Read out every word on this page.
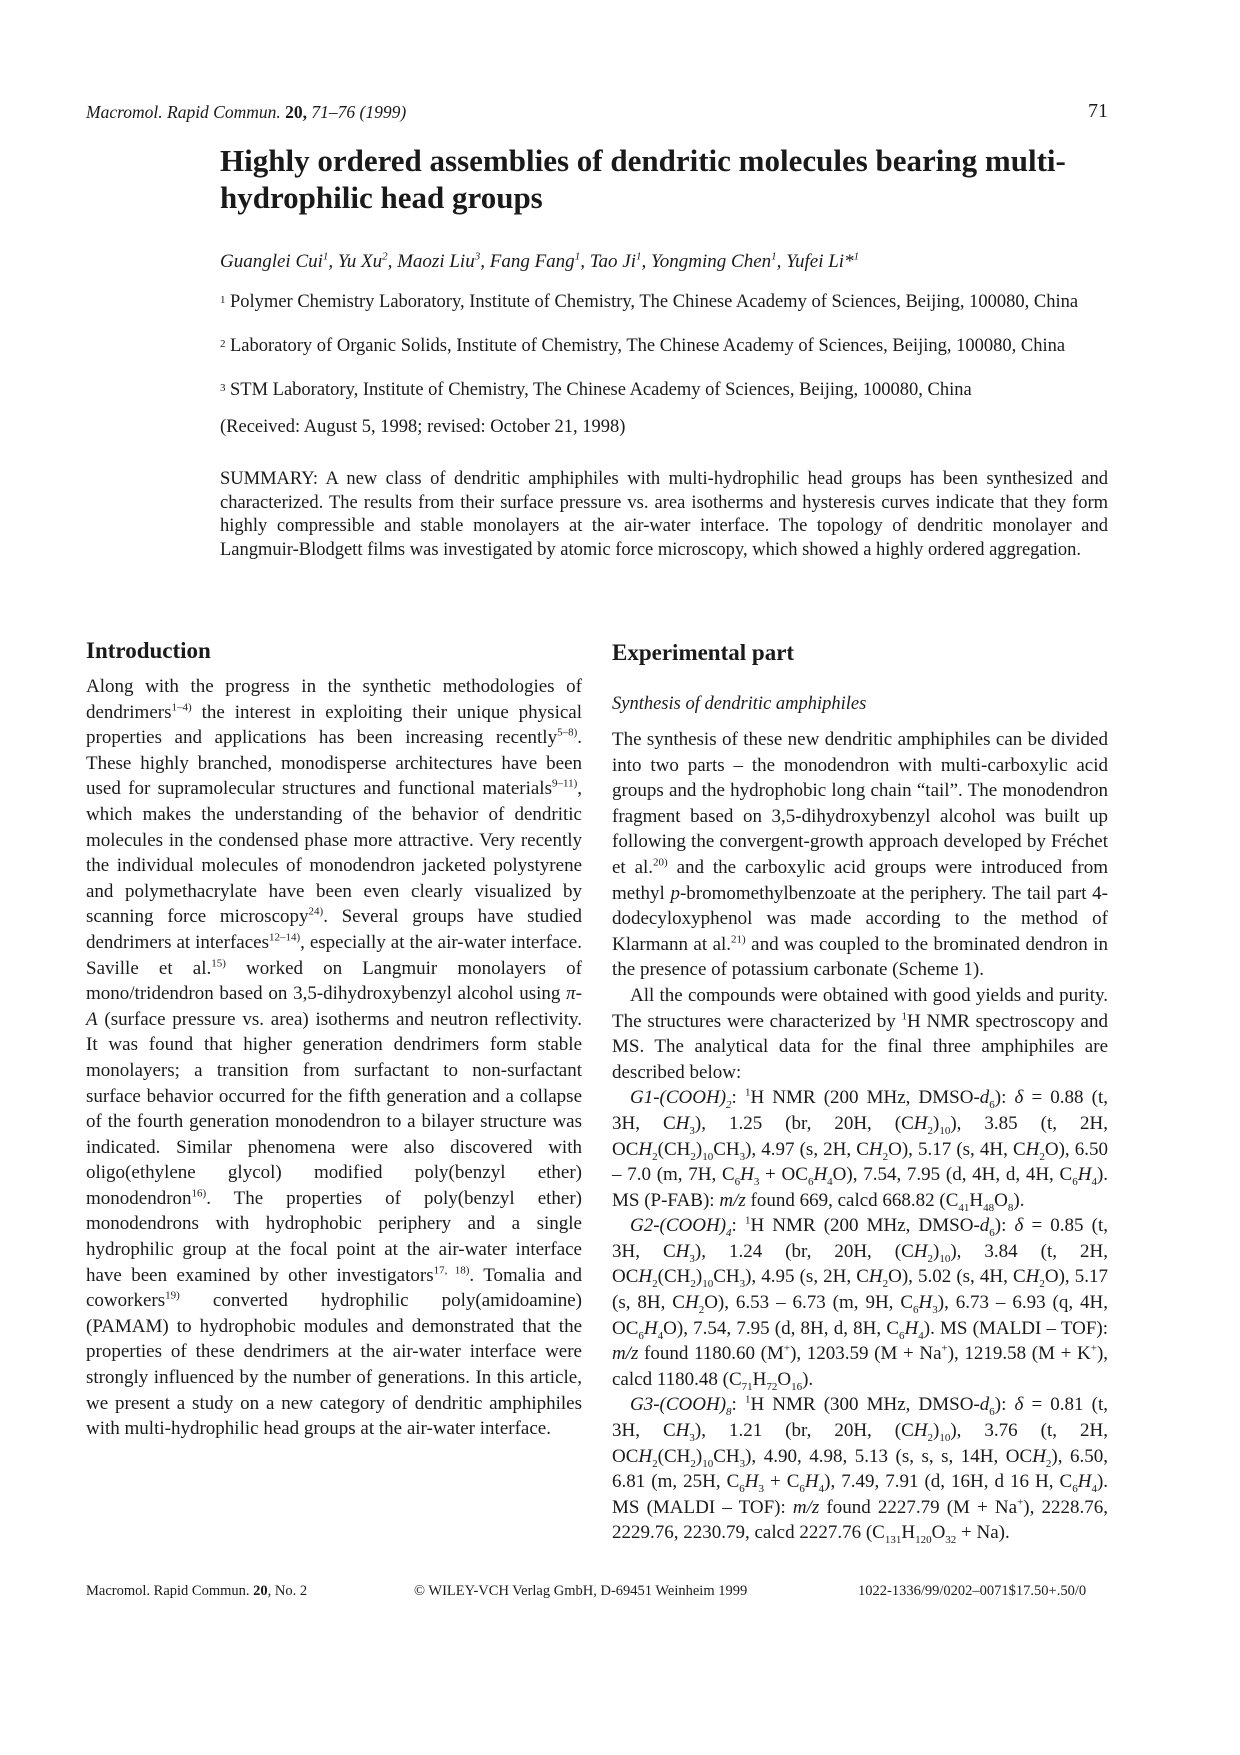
Macromol. Rapid Commun. 20, 71–76 (1999)	71
Highly ordered assemblies of dendritic molecules bearing multi-hydrophilic head groups
Guanglei Cui$^1$, Yu Xu$^2$, Maozi Liu$^3$, Fang Fang$^1$, Tao Ji$^1$, Yongming Chen$^1$, Yufei Li*$^1$
1 Polymer Chemistry Laboratory, Institute of Chemistry, The Chinese Academy of Sciences, Beijing, 100080, China
2 Laboratory of Organic Solids, Institute of Chemistry, The Chinese Academy of Sciences, Beijing, 100080, China
3 STM Laboratory, Institute of Chemistry, The Chinese Academy of Sciences, Beijing, 100080, China
(Received: August 5, 1998; revised: October 21, 1998)
SUMMARY: A new class of dendritic amphiphiles with multi-hydrophilic head groups has been synthesized and characterized. The results from their surface pressure vs. area isotherms and hysteresis curves indicate that they form highly compressible and stable monolayers at the air-water interface. The topology of dendritic monolayer and Langmuir-Blodgett films was investigated by atomic force microscopy, which showed a highly ordered aggregation.
Introduction

Along with the progress in the synthetic methodologies of dendrimers$^{1-4)}$ the interest in exploiting their unique physical properties and applications has been increasing recently$^{5-8)}$. These highly branched, monodisperse architectures have been used for supramolecular structures and functional materials$^{9-11)}$, which makes the understanding of the behavior of dendritic molecules in the condensed phase more attractive. Very recently the individual molecules of monodendron jacketed polystyrene and polymethacrylate have been even clearly visualized by scanning force microscopy$^{24)}$. Several groups have studied dendrimers at interfaces$^{12-14)}$, especially at the air-water interface. Saville et al.$^{15)}$ worked on Langmuir monolayers of mono/tridendron based on 3,5-dihydroxybenzyl alcohol using π-A (surface pressure vs. area) isotherms and neutron reflectivity. It was found that higher generation dendrimers form stable monolayers; a transition from surfactant to non-surfactant surface behavior occurred for the fifth generation and a collapse of the fourth generation monodendron to a bilayer structure was indicated. Similar phenomena were also discovered with oligo(ethylene glycol) modified poly(benzyl ether) monodendron$^{16)}$. The properties of poly(benzyl ether) monodendrons with hydrophobic periphery and a single hydrophilic group at the focal point at the air-water interface have been examined by other investigators$^{17, 18)}$. Tomalia and coworkers$^{19)}$ converted hydrophilic poly(amidoamine) (PAMAM) to hydrophobic modules and demonstrated that the properties of these dendrimers at the air-water interface were strongly influenced by the number of generations. In this article, we present a study on a new category of dendritic amphiphiles with multi-hydrophilic head groups at the air-water interface.

Experimental part
Synthesis of dendritic amphiphiles

The synthesis of these new dendritic amphiphiles can be divided into two parts – the monodendron with multi-carboxylic acid groups and the hydrophobic long chain “tail”. The monodendron fragment based on 3,5-dihydroxybenzyl alcohol was built up following the convergent-growth approach developed by Fréchet et al.$^{20)}$ and the carboxylic acid groups were introduced from methyl p-bromomethylbenzoate at the periphery. The tail part 4-dodecyloxyphenol was made according to the method of Klarmann at al.$^{21)}$ and was coupled to the brominated dendron in the presence of potassium carbonate (Scheme 1).

All the compounds were obtained with good yields and purity. The structures were characterized by $^1$H NMR spectroscopy and MS. The analytical data for the final three amphiphiles are described below:

$G1-(COOH)_2$: $^1$H NMR (200 MHz, DMSO-$d_6$): δ = 0.88 (t, 3H, $CH_3$), 1.25 (br, 20H, $(CH_2)_{10}$), 3.85 (t, 2H, $OCH_2(CH_2)_{10}CH_3$), 4.97 (s, 2H, $CH_2O$), 5.17 (s, 4H, $CH_2O$), 6.50 – 7.0 (m, 7H, $C_6H_3 + OC_6H_4O$), 7.54, 7.95 (d, 4H, d, 4H, $C_6H_4$). MS (P-FAB): m/z found 669, calcd 668.82 $(C_{41}H_{48}O_8)$.

$G2-(COOH)_4$: $^1$H NMR (200 MHz, DMSO-$d_6$): δ = 0.85 (t, 3H, $CH_3$), 1.24 (br, 20H, $(CH_2)_{10}$), 3.84 (t, 2H, $OCH_2(CH_2)_{10}CH_3$), 4.95 (s, 2H, $CH_2O$), 5.02 (s, 4H, $CH_2O$), 5.17 (s, 8H, $CH_2O$), 6.53 – 6.73 (m, 9H, $C_6H_3$), 6.73 – 6.93 (q, 4H, $OC_6H_4O$), 7.54, 7.95 (d, 8H, d, 8H, $C_6H_4$). MS (MALDI – TOF): m/z found 1180.60 (M+), 1203.59 (M + Na+), 1219.58 (M + K+), calcd 1180.48 $(C_{71}H_{72}O_{16})$.

$G3-(COOH)_8$: $^1$H NMR (300 MHz, DMSO-$d_6$): δ = 0.81 (t, 3H, $CH_3$), 1.21 (br, 20H, $(CH_2)_{10}$), 3.76 (t, 2H, $OCH_2(CH_2)_{10}CH_3$), 4.90, 4.98, 5.13 (s, s, s, 14H, $OCH_2$), 6.50, 6.81 (m, 25H, $C_6H_3 + C_6H_4$), 7.49, 7.91 (d, 16H, d 16 H, $C_6H_4$). MS (MALDI – TOF): m/z found 2227.79 (M + Na+), 2228.76, 2229.76, 2230.79, calcd 2227.76 $(C_{131}H_{120}O_{32} + Na)$.

Macromol. Rapid Commun. 20, No. 2	© WILEY-VCH Verlag GmbH, D-69451 Weinheim 1999	1022-1336/99/0202–0071$17.50+.50/0
